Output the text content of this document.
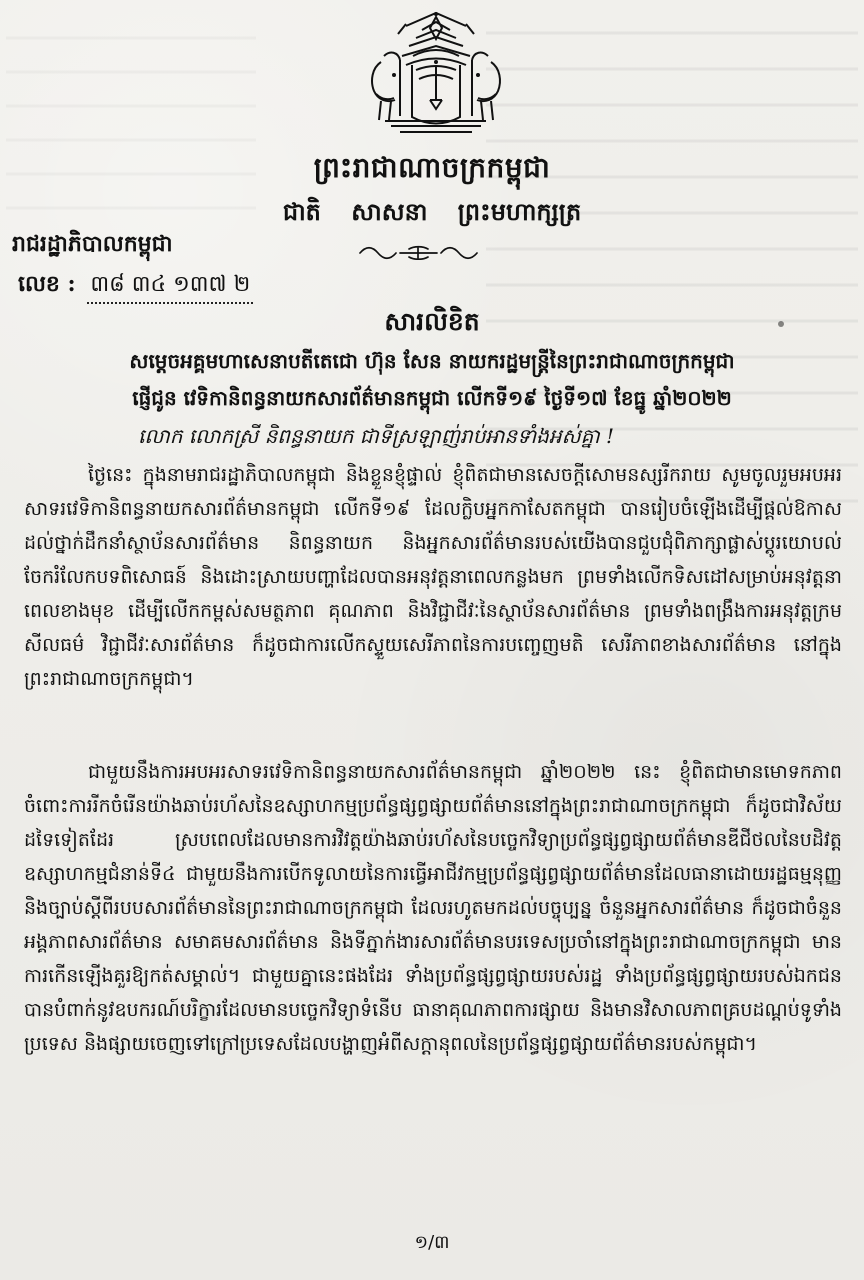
ព្រះរាជាណាចក្រកម្ពុជា
ជាតិ សាសនា ព្រះមហាក្សត្រ
រាជរដ្ឋាភិបាលកម្ពុជា
លេខ : ៣៨ ៣៤ ១៣៧ ២
សារលិខិត
សម្តេចអគ្គមហាសេនាបតីតេជោ ហ៊ុន សែន នាយករដ្ឋមន្ត្រីនៃព្រះរាជាណាចក្រកម្ពុជា
ផ្ញើជូន វេទិកានិពន្ធនាយកសារព័ត៌មានកម្ពុជា លើកទី១៩ ថ្ងៃទី១៧ ខែធ្នូ ឆ្នាំ២០២២
លោក លោកស្រី និពន្ធនាយក ជាទីស្រឡាញ់រាប់អានទាំងអស់គ្នា !
ថ្ងៃនេះ ក្នុងនាមរាជរដ្ឋាភិបាលកម្ពុជា និងខ្លួនខ្ញុំផ្ទាល់ ខ្ញុំពិតជាមានសេចក្តីសោមនស្សរីករាយ សូមចូលរួមអបអរសាទរវេទិកានិពន្ធនាយកសារព័ត៌មានកម្ពុជា លើកទី១៩ ដែលក្លិបអ្នកកាសែតកម្ពុជា បានរៀបចំឡើងដើម្បីផ្តល់ឱកាសដល់ថ្នាក់ដឹកនាំស្ថាប័នសារព័ត៌មាន និពន្ធនាយក និងអ្នកសារព័ត៌មានរបស់យើងបានជួបជុំពិភាក្សាផ្លាស់ប្តូរយោបល់ ចែករំលែកបទពិសោធន៍ និងដោះស្រាយបញ្ហាដែលបានអនុវត្តនាពេលកន្លងមក ព្រមទាំងលើកទិសដៅសម្រាប់អនុវត្តនាពេលខាងមុខ ដើម្បីលើកកម្ពស់សមត្ថភាព គុណភាព និងវិជ្ជាជីវៈនៃស្ថាប័នសារព័ត៌មាន ព្រមទាំងពង្រឹងការអនុវត្តក្រមសីលធម៌ វិជ្ជាជីវៈសារព័ត៌មាន ក៏ដូចជាការលើកស្ទួយសេរីភាពនៃការបញ្ចេញមតិ សេរីភាពខាងសារព័ត៌មាន នៅក្នុងព្រះរាជាណាចក្រកម្ពុជា។
ជាមួយនឹងការអបអរសាទរវេទិកានិពន្ធនាយកសារព័ត៌មានកម្ពុជា ឆ្នាំ២០២២ នេះ ខ្ញុំពិតជាមានមោទកភាពចំពោះការរីកចំរើនយ៉ាងឆាប់រហ័សនៃឧស្សាហកម្មប្រព័ន្ធផ្សព្វផ្សាយព័ត៌មាននៅក្នុងព្រះរាជាណាចក្រកម្ពុជា ក៏ដូចជាវិស័យដទៃទៀតដែរ ស្របពេលដែលមានការវិវត្តយ៉ាងឆាប់រហ័សនៃបច្ចេកវិទ្យាប្រព័ន្ធផ្សព្វផ្សាយព័ត៌មានឌីជីថលនៃបដិវត្តឧស្សាហកម្មជំនាន់ទី៤ ជាមួយនឹងការបើកទូលាយនៃការធ្វើអាជីវកម្មប្រព័ន្ធផ្សព្វផ្សាយព័ត៌មានដែលធានាដោយរដ្ឋធម្មនុញ្ញ និងច្បាប់ស្តីពីរបបសារព័ត៌មាននៃព្រះរាជាណាចក្រកម្ពុជា ដែលរហូតមកដល់បច្ចុប្បន្ន ចំនួនអ្នកសារព័ត៌មាន ក៏ដូចជាចំនួនអង្គភាពសារព័ត៌មាន សមាគមសារព័ត៌មាន និងទីភ្នាក់ងារសារព័ត៌មានបរទេសប្រចាំនៅក្នុងព្រះរាជាណាចក្រកម្ពុជា មានការកើនឡើងគួរឱ្យកត់សម្គាល់។ ជាមួយគ្នានេះផងដែរ ទាំងប្រព័ន្ធផ្សព្វផ្សាយរបស់រដ្ឋ ទាំងប្រព័ន្ធផ្សព្វផ្សាយរបស់ឯកជនបានបំពាក់នូវឧបករណ៍បរិក្ខារដែលមានបច្ចេកវិទ្យាទំនើប ធានាគុណភាពការផ្សាយ និងមានវិសាលភាពគ្របដណ្តប់ទូទាំងប្រទេស និងផ្សាយចេញទៅក្រៅប្រទេសដែលបង្ហាញអំពីសក្តានុពលនៃប្រព័ន្ធផ្សព្វផ្សាយព័ត៌មានរបស់កម្ពុជា។
១/៣
